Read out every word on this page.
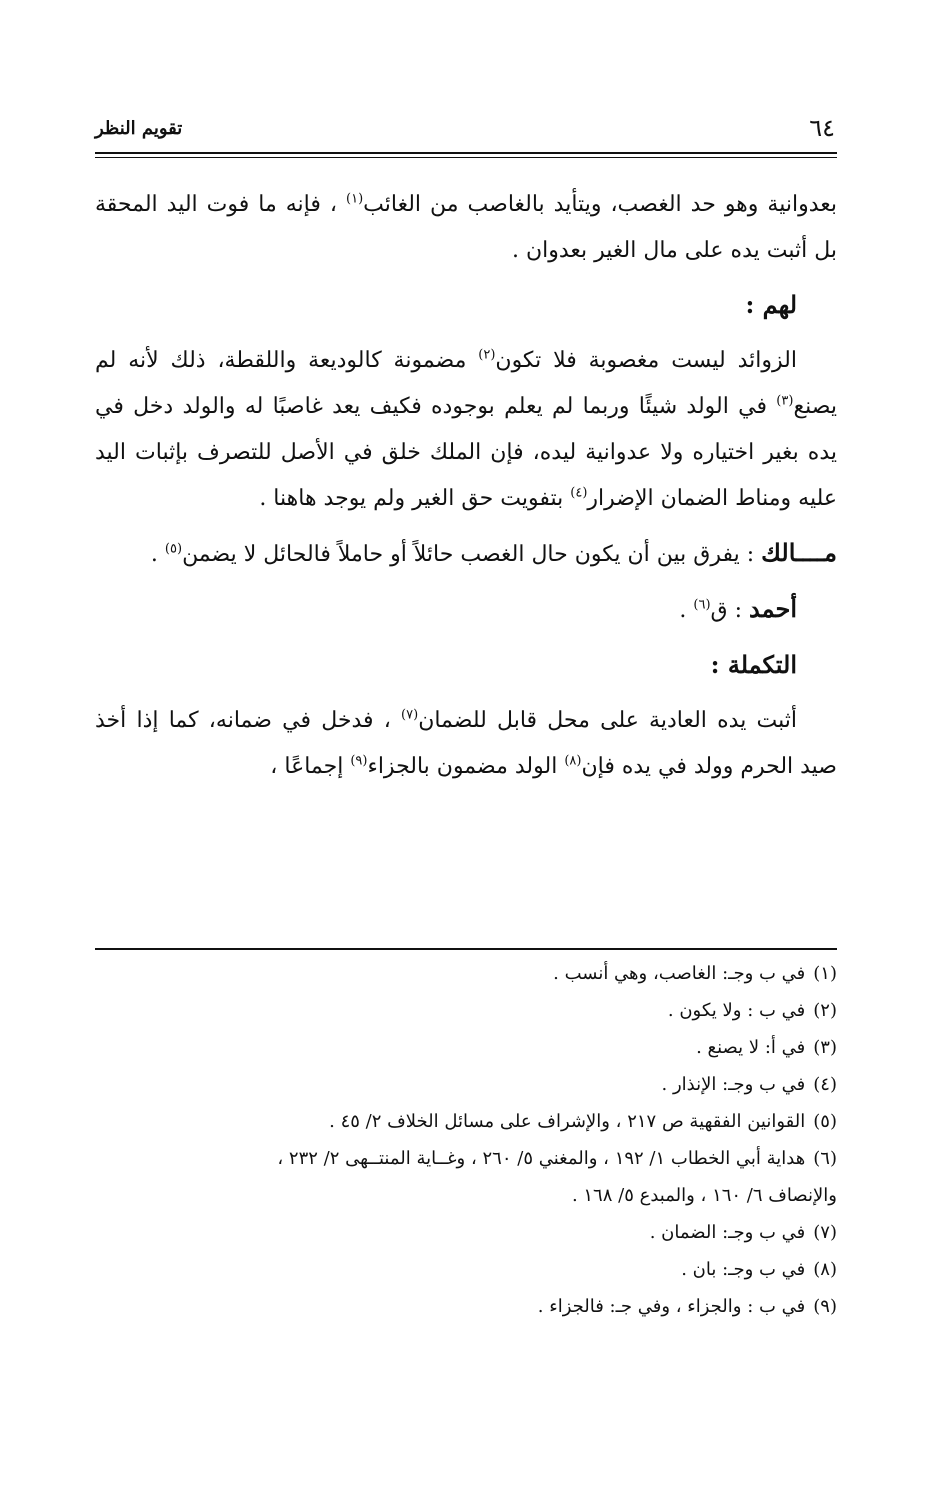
٦٤
تقويم النظر

بعدوانية وهو حد الغصب، ويتأيد بالغاصب من الغائب$^{(١)}$ ، فإنه ما فوت اليد المحقة بل أثبت يده على مال الغير بعدوان .

لهم :

الزوائد ليست مغصوبة فلا تكون$^{(٢)}$ مضمونة كالوديعة واللقطة، ذلك لأنه لم يصنع$^{(٣)}$ في الولد شيئًا وربما لم يعلم بوجوده فكيف يعد غاصبًا له والولد دخل في يده بغير اختياره ولا عدوانية ليده، فإن الملك خلق في الأصل للتصرف بإثبات اليد عليه ومناط الضمان الإضرار$^{(٤)}$ بتفويت حق الغير ولم يوجد هاهنا .

مــــالك : يفرق بين أن يكون حال الغصب حائلاً أو حاملاً فالحائل لا يضمن$^{(٥)}$ .

أحمد : ق$^{(٦)}$ .

التكملة :

أثبت يده العادية على محل قابل للضمان$^{(٧)}$ ، فدخل في ضمانه، كما إذا أخذ صيد الحرم وولد في يده فإن$^{(٨)}$ الولد مضمون بالجزاء$^{(٩)}$ إجماعًا ،

(١)في ب وجـ: الغاصب، وهي أنسب .
(٢)في ب : ولا يكون .
(٣)في أ: لا يصنع .
(٤)في ب وجـ: الإنذار .
(٥)القوانين الفقهية ص ٢١٧ ، والإشراف على مسائل الخلاف ٢/ ٤٥ .
(٦)هداية أبي الخطاب ١/ ١٩٢ ، والمغني ٥/ ٢٦٠ ، وغــاية المنتــهى ٢/ ٢٣٢ ،
والإنصاف ٦/ ١٦٠ ، والمبدع ٥/ ١٦٨ .
(٧)في ب وجـ: الضمان .
(٨)في ب وجـ: بان .
(٩)في ب : والجزاء ، وفي جـ: فالجزاء .
